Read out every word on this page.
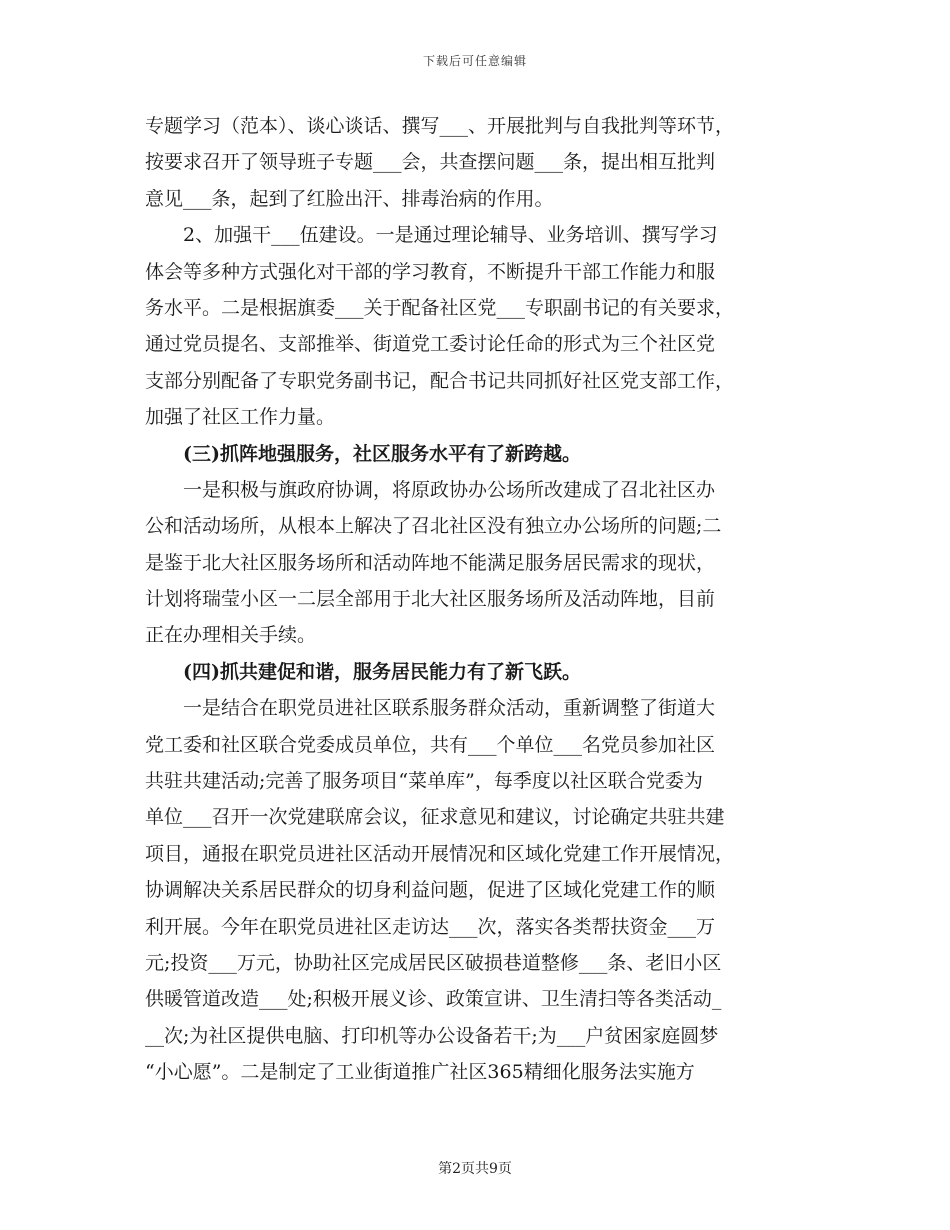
下载后可任意编辑
专题学习（范本）、谈心谈话、撰写___、开展批判与自我批判等环节，
按要求召开了领导班子专题___会，共查摆问题___条，提出相互批判
意见___条，起到了红脸出汗、排毒治病的作用。
　　2、加强干___伍建设。一是通过理论辅导、业务培训、撰写学习
体会等多种方式强化对干部的学习教育，不断提升干部工作能力和服
务水平。二是根据旗委___关于配备社区党___专职副书记的有关要求，
通过党员提名、支部推举、街道党工委讨论任命的形式为三个社区党
支部分别配备了专职党务副书记，配合书记共同抓好社区党支部工作，
加强了社区工作力量。
　　(三)抓阵地强服务，社区服务水平有了新跨越。
　　一是积极与旗政府协调，将原政协办公场所改建成了召北社区办
公和活动场所，从根本上解决了召北社区没有独立办公场所的问题;二
是鉴于北大社区服务场所和活动阵地不能满足服务居民需求的现状，
计划将瑞莹小区一二层全部用于北大社区服务场所及活动阵地，目前
正在办理相关手续。
　　(四)抓共建促和谐，服务居民能力有了新飞跃。
　　一是结合在职党员进社区联系服务群众活动，重新调整了街道大
党工委和社区联合党委成员单位，共有___个单位___名党员参加社区
共驻共建活动;完善了服务项目“菜单库”，每季度以社区联合党委为
单位___召开一次党建联席会议，征求意见和建议，讨论确定共驻共建
项目，通报在职党员进社区活动开展情况和区域化党建工作开展情况，
协调解决关系居民群众的切身利益问题，促进了区域化党建工作的顺
利开展。今年在职党员进社区走访达___次，落实各类帮扶资金___万
元;投资___万元，协助社区完成居民区破损巷道整修___条、老旧小区
供暖管道改造___处;积极开展义诊、政策宣讲、卫生清扫等各类活动_
__次;为社区提供电脑、打印机等办公设备若干;为___户贫困家庭圆梦
“小心愿”。二是制定了工业街道推广社区365精细化服务法实施方
第2页共9页
